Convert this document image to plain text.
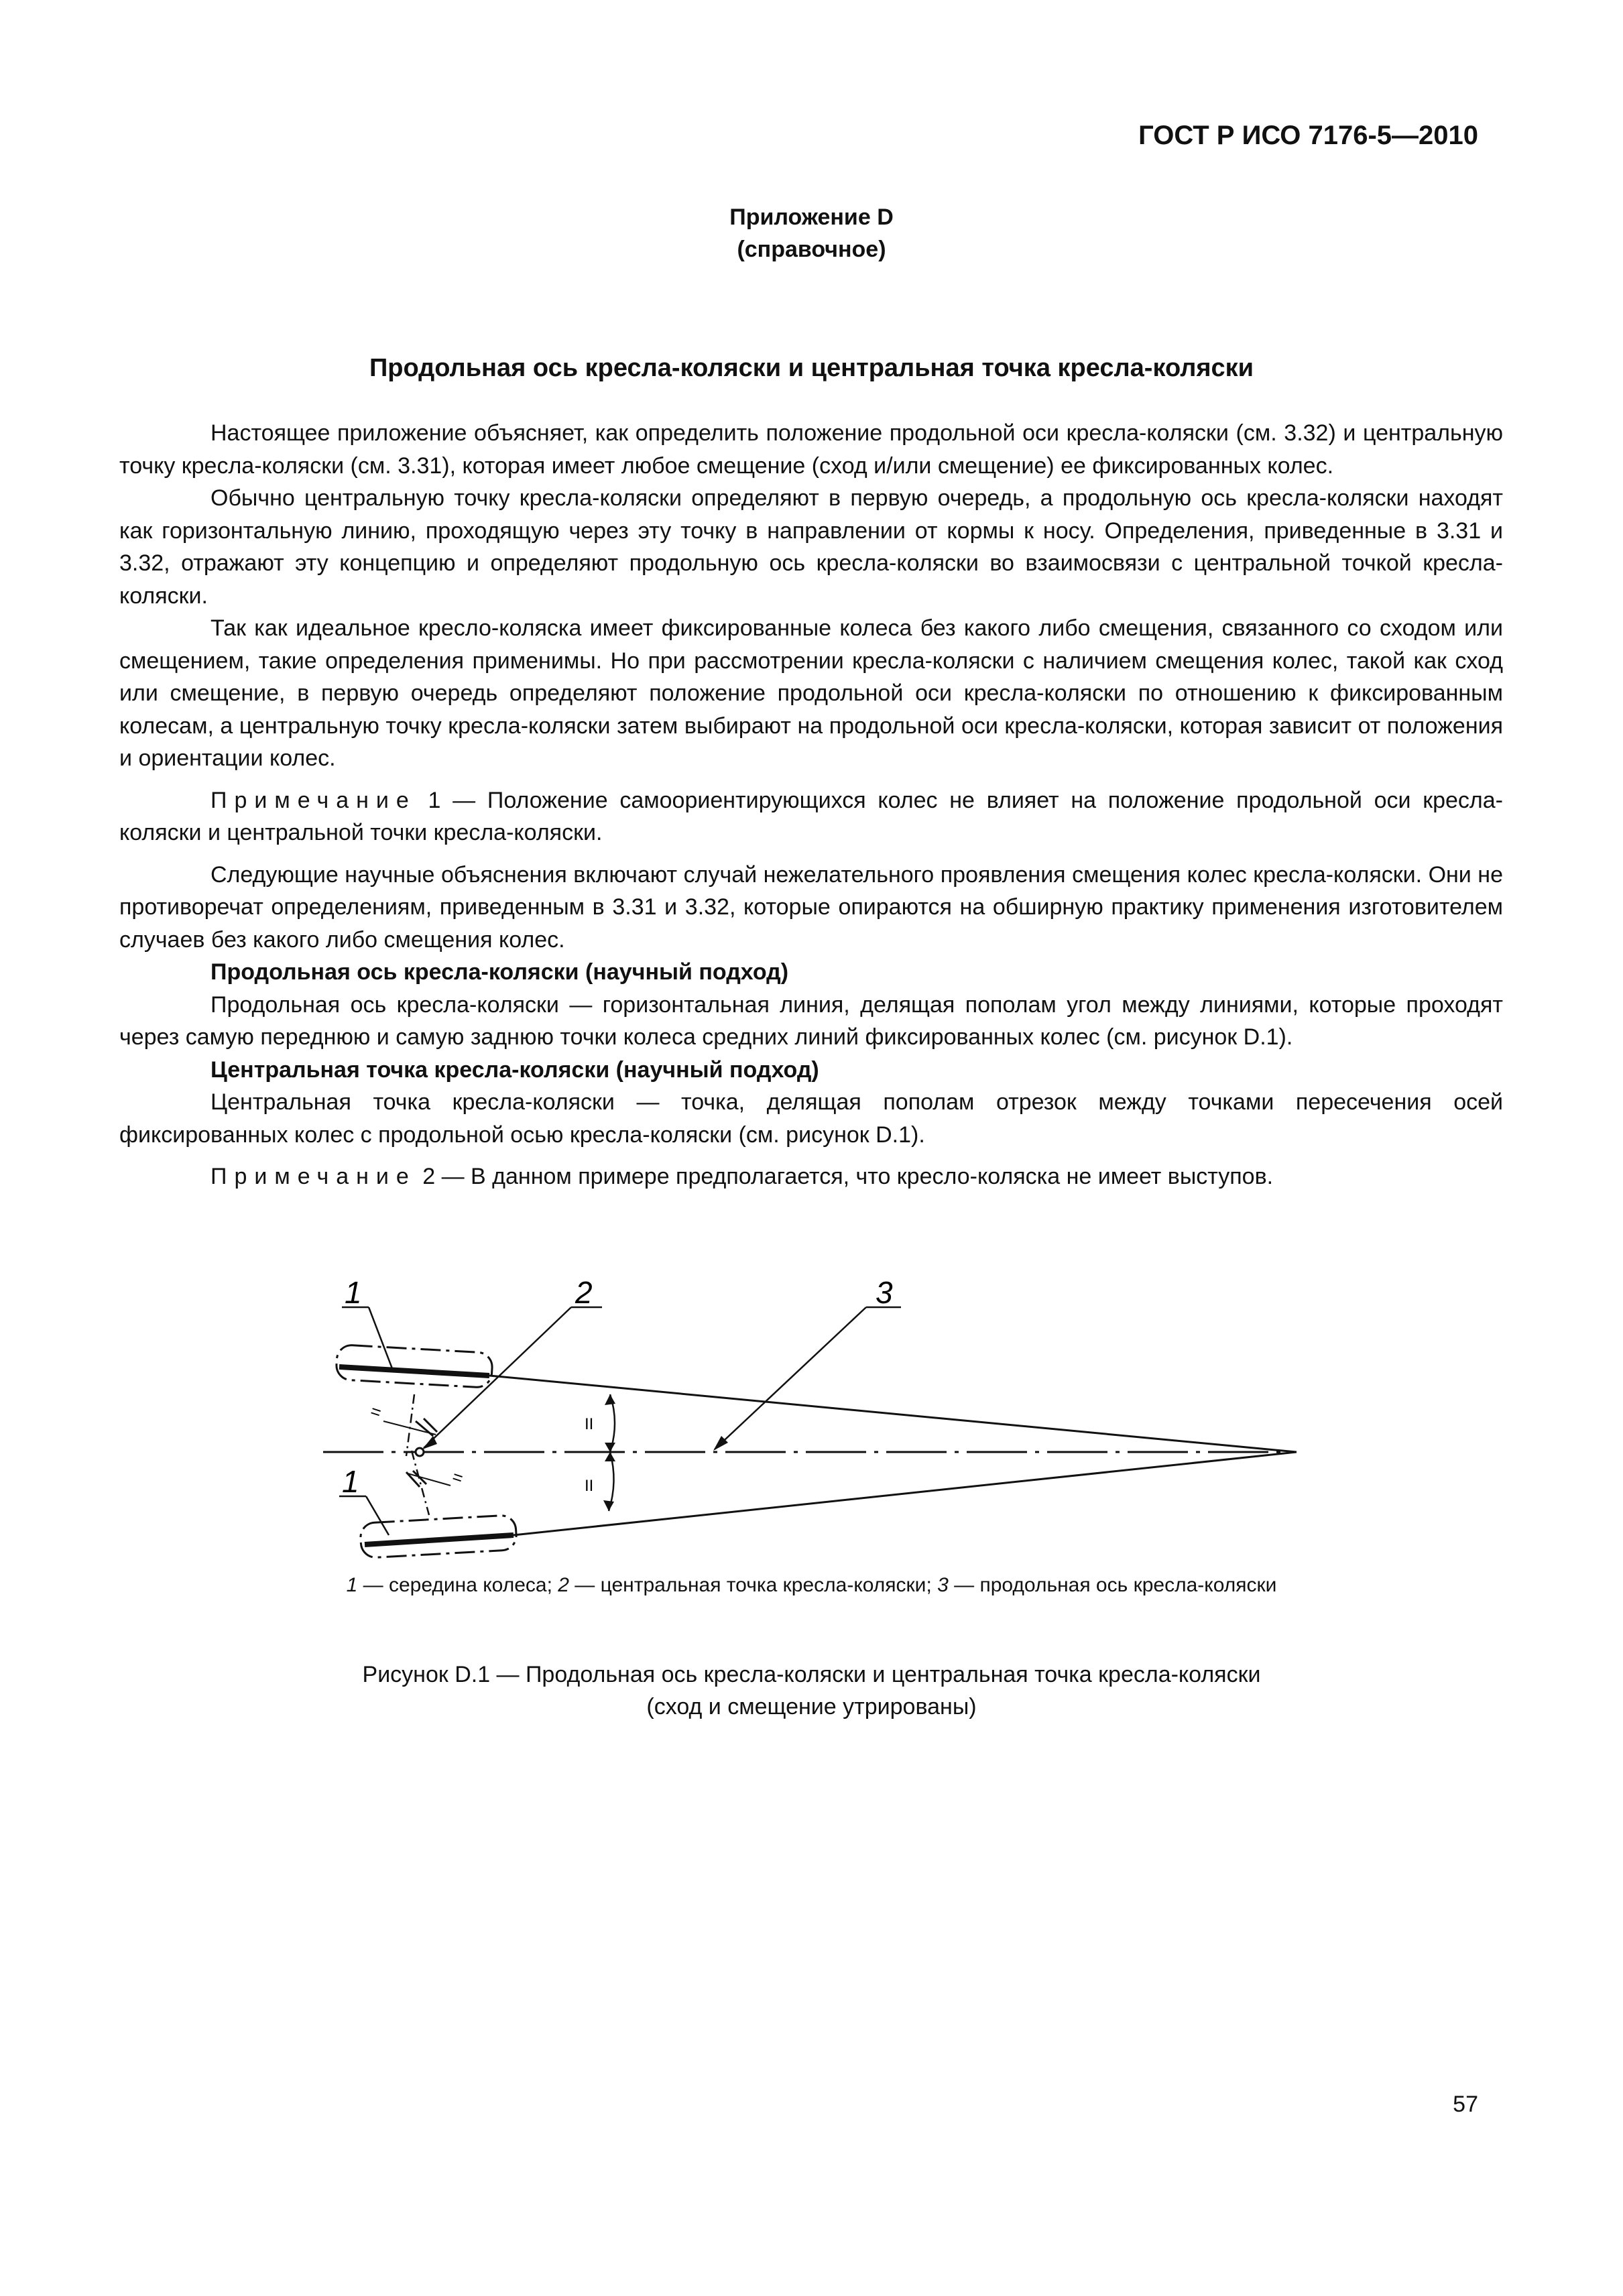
ГОСТ Р ИСО 7176-5—2010
Приложение D
(справочное)
Продольная ось кресла-коляски и центральная точка кресла-коляски

Настоящее приложение объясняет, как определить положение продольной оси кресла-коляски (см. 3.32) и центральную точку кресла-коляски (см. 3.31), которая имеет любое смещение (сход и/или смещение) ее фиксированных колес.

Обычно центральную точку кресла-коляски определяют в первую очередь, а продольную ось кресла-коляски находят как горизонтальную линию, проходящую через эту точку в направлении от кормы к носу. Определения, приведенные в 3.31 и 3.32, отражают эту концепцию и определяют продольную ось кресла-коляски во взаимосвязи с центральной точкой кресла-коляски.

Так как идеальное кресло-коляска имеет фиксированные колеса без какого либо смещения, связанного со сходом или смещением, такие определения применимы. Но при рассмотрении кресла-коляски с наличием смещения колес, такой как сход или смещение, в первую очередь определяют положение продольной оси кресла-коляски по отношению к фиксированным колесам, а центральную точку кресла-коляски затем выбирают на продольной оси кресла-коляски, которая зависит от положения и ориентации колес.

Примечание 1 — Положение самоориентирующихся колес не влияет на положение продольной оси кресла-коляски и центральной точки кресла-коляски.

Следующие научные объяснения включают случай нежелательного проявления смещения колес кресла-коляски. Они не противоречат определениям, приведенным в 3.31 и 3.32, которые опираются на обширную практику применения изготовителем случаев без какого либо смещения колес.

Продольная ось кресла-коляски (научный подход)

Продольная ось кресла-коляски — горизонтальная линия, делящая пополам угол между линиями, которые проходят через самую переднюю и самую заднюю точки колеса средних линий фиксированных колес (см. рисунок D.1).

Центральная точка кресла-коляски (научный подход)

Центральная точка кресла-коляски — точка, делящая пополам отрезок между точками пересечения осей фиксированных колес с продольной осью кресла-коляски (см. рисунок D.1).

Примечание 2 — В данном примере предполагается, что кресло-коляска не имеет выступов.

=
=
II
II
1	2	3
1
1 — середина колеса; 2 — центральная точка кресла-коляски; 3 — продольная ось кресла-коляски
Рисунок D.1 — Продольная ось кресла-коляски и центральная точка кресла-коляски
(сход и смещение утрированы)
57
